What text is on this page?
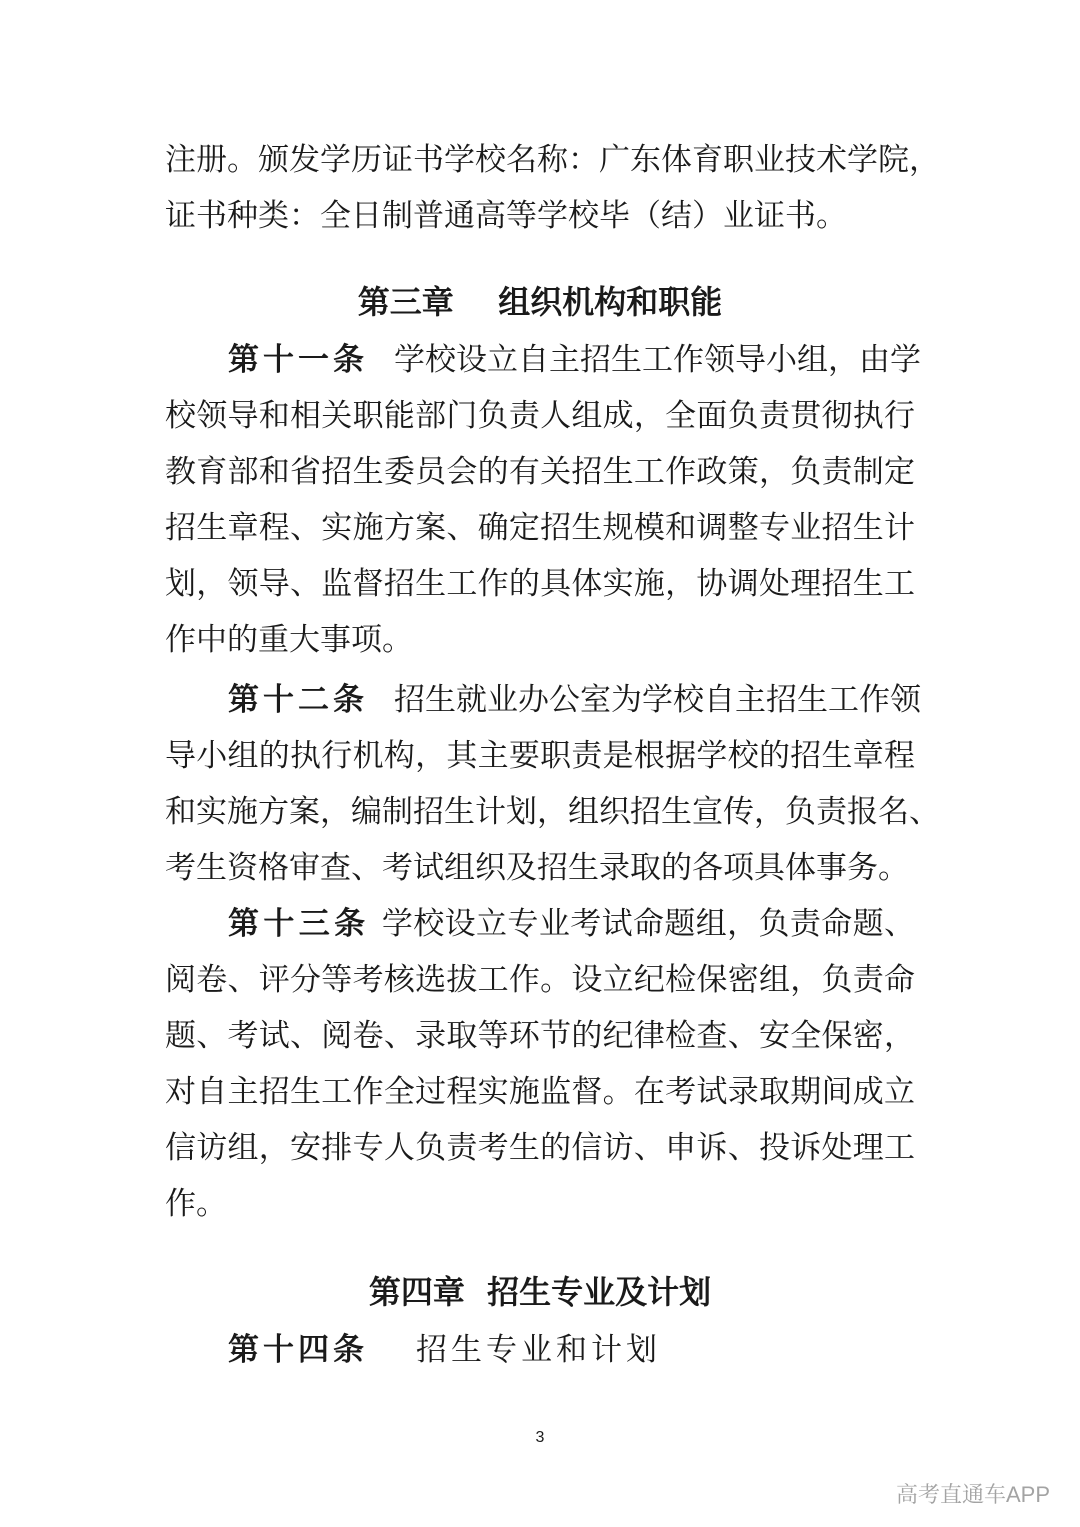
注册。颁发学历证书学校名称：广东体育职业技术学院，
证书种类：全日制普通高等学校毕（结）业证书。
第三章    组织机构和职能
第十一条 学校设立自主招生工作领导小组，由学
校领导和相关职能部门负责人组成，全面负责贯彻执行
教育部和省招生委员会的有关招生工作政策，负责制定
招生章程、实施方案、确定招生规模和调整专业招生计
划，领导、监督招生工作的具体实施，协调处理招生工
作中的重大事项。
第十二条 招生就业办公室为学校自主招生工作领
导小组的执行机构，其主要职责是根据学校的招生章程
和实施方案，编制招生计划，组织招生宣传，负责报名、
考生资格审查、考试组织及招生录取的各项具体事务。
第十三条 学校设立专业考试命题组，负责命题、
阅卷、评分等考核选拔工作。设立纪检保密组，负责命
题、考试、阅卷、录取等环节的纪律检查、安全保密，
对自主招生工作全过程实施监督。在考试录取期间成立
信访组，安排专人负责考生的信访、申诉、投诉处理工
作。
第四章  招生专业及计划
第十四条 招生专业和计划
3
高考直通车APP
